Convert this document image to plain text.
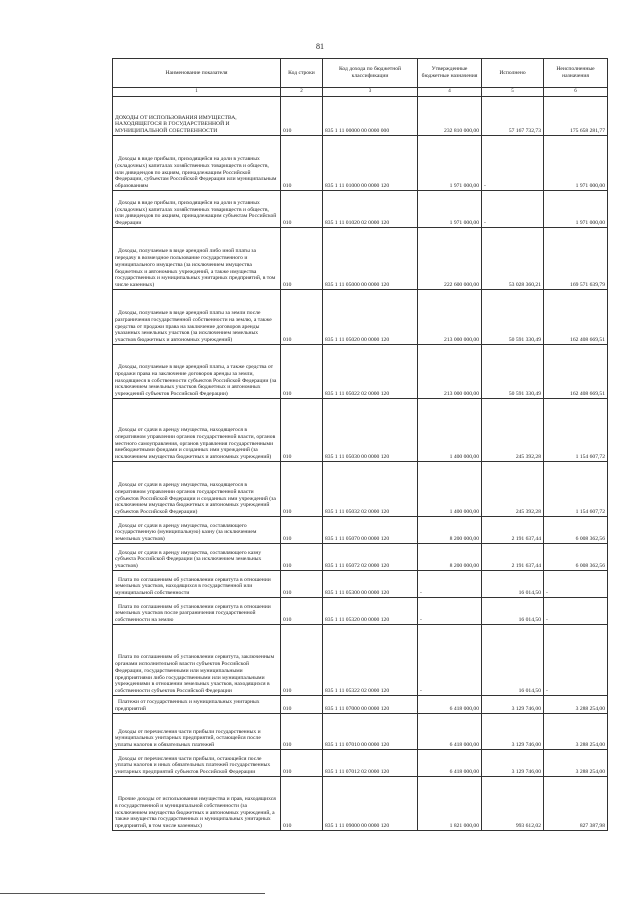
81
Наименование показателя	Код строки	Код дохода по бюджетной классификации	Утвержденные бюджетные назначения	Исполнено	Неисполненные назначения
1	2	3	4	5	6
ДОХОДЫ ОТ ИСПОЛЬЗОВАНИЯ ИМУЩЕСТВА, НАХОДЯЩЕГОСЯ В ГОСУДАРСТВЕННОЙ И МУНИЦИПАЛЬНОЙ СОБСТВЕННОСТИ	010	835 1 11 00000 00 0000 000	232 810 000,00	57 167 732,73	175 658 281,77
Доходы в виде прибыли, приходящейся на доли в уставных (складочных) капиталах хозяйственных товариществ и обществ, или дивидендов по акциям, принадлежащим Российской Федерации, субъектам Российской Федерации или муниципальным образованиям	010	835 1 11 01000 00 0000 120	1 971 000,00	-	1 971 000,00
Доходы в виде прибыли, приходящейся на доли в уставных (складочных) капиталах хозяйственных товариществ и обществ, или дивидендов по акциям, принадлежащим субъектам Российской Федерации	010	835 1 11 01020 02 0000 120	1 971 000,00	-	1 971 000,00
Доходы, получаемые в виде арендной либо иной платы за передачу в возмездное пользование государственного и муниципального имущества (за исключением имущества бюджетных и автономных учреждений, а также имущества государственных и муниципальных унитарных предприятий, в том числе казенных)	010	835 1 11 05000 00 0000 120	222 600 000,00	53 028 360,21	169 571 639,79
Доходы, получаемые в виде арендной платы за земли после разграничения государственной собственности на землю, а также средства от продажи права на заключение договоров аренды указанных земельных участков (за исключением земельных участков бюджетных и автономных учреждений)	010	835 1 11 05020 00 0000 120	213 000 000,00	50 591 330,49	162 408 669,51
Доходы, получаемые в виде арендной платы, а также средства от продажи права на заключение договоров аренды за земли, находящиеся в собственности субъектов Российской Федерации (за исключением земельных участков бюджетных и автономных учреждений субъектов Российской Федерации)	010	835 1 11 05022 02 0000 120	213 000 000,00	50 591 330,49	162 408 669,51
Доходы от сдачи в аренду имущества, находящегося в оперативном управлении органов государственной власти, органов местного самоуправления, органов управления государственными внебюджетными фондами и созданных ими учреждений (за исключением имущества бюджетных и автономных учреждений)	010	835 1 11 05030 00 0000 120	1 400 000,00	245 392,28	1 154 607,72
Доходы от сдачи в аренду имущества, находящегося в оперативном управлении органов государственной власти субъектов Российской Федерации и созданных ими учреждений (за исключением имущества бюджетных и автономных учреждений субъектов Российской Федерации)	010	835 1 11 05032 02 0000 120	1 400 000,00	245 392,28	1 154 607,72
Доходы от сдачи в аренду имущества, составляющего государственную (муниципальную) казну (за исключением земельных участков)	010	835 1 11 05070 00 0000 120	8 200 000,00	2 191 637,44	6 008 362,56
Доходы от сдачи в аренду имущества, составляющего казну субъекта Российской Федерации (за исключением земельных участков)	010	835 1 11 05072 02 0000 120	8 200 000,00	2 191 637,44	6 008 362,56
Плата по соглашениям об установлении сервитута в отношении земельных участков, находящихся в государственной или муниципальной собственности	010	835 1 11 05300 00 0000 120	-	16 014,50	-
Плата по соглашениям об установлении сервитута в отношении земельных участков после разграничения государственной собственности на землю	010	835 1 11 05320 00 0000 120	-	16 014,50	-
Плата по соглашениям об установлении сервитута, заключенным органами исполнительной власти субъектов Российской Федерации, государственными или муниципальными предприятиями либо государственными или муниципальными учреждениями в отношении земельных участков, находящихся в собственности субъектов Российской Федерации	010	835 1 11 05322 02 0000 120	-	16 014,50	-
Платежи от государственных и муниципальных унитарных предприятий	010	835 1 11 07000 00 0000 120	6 418 000,00	3 129 746,00	3 288 254,00
Доходы от перечисления части прибыли государственных и муниципальных унитарных предприятий, остающейся после уплаты налогов и обязательных платежей	010	835 1 11 07010 00 0000 120	6 418 000,00	3 129 746,00	3 288 254,00
Доходы от перечисления части прибыли, остающейся после уплаты налогов и иных обязательных платежей государственных унитарных предприятий субъектов Российской Федерации	010	835 1 11 07012 02 0000 120	6 418 000,00	3 129 746,00	3 288 254,00
Прочие доходы от использования имущества и прав, находящихся в государственной и муниципальной собственности (за исключением имущества бюджетных и автономных учреждений, а также имущества государственных и муниципальных унитарных предприятий, в том числе казенных)	010	835 1 11 09000 00 0000 120	1 821 000,00	993 612,02	827 387,98
